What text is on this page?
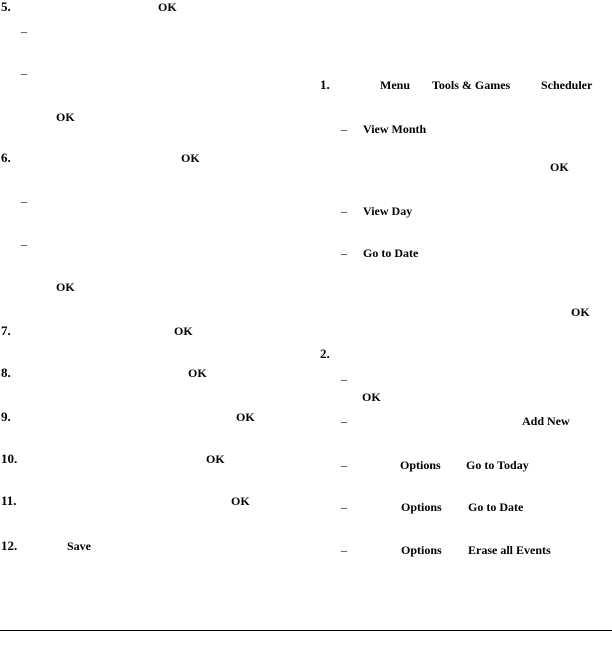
5.	OK
–
–
OK
6.	OK
–
–
OK
7.	OK
8.	OK
9.	OK
10.	OK
11.	OK
12.	Save
1.	Menu Tools & Games	Scheduler
– View Month
OK
– View Day
– Go to Date
OK
2.
–
OK
–	Add New
–	Options Go to Today
–	Options Go to Date
–	Options Erase all Events
